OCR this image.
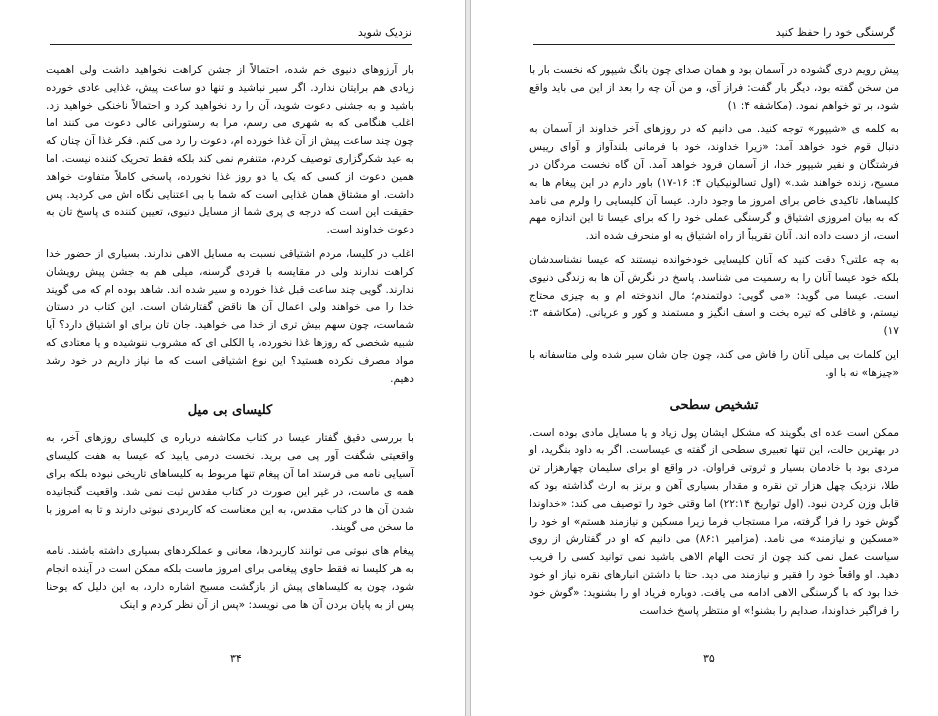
نزدیک شوید

بار آرزوهای دنیوی خم شده، احتمالاً از جشن کراهت نخواهید داشت ولی اهمیت زیادی هم برایتان ندارد. اگر سیر نباشید و تنها دو ساعت پیش، غذایی عادی خورده باشید و به جشنی دعوت شوید، آن را رد نخواهید کرد و احتمالاً ناخنکی خواهید زد. اغلب هنگامی که به شهری می رسم، مرا به رستورانی عالی دعوت می کنند اما چون چند ساعت پیش از آن غذا خورده ام، دعوت را رد می کنم. فکر غذا آن چنان که به عید شکرگزاری توصیف کردم، متنفرم نمی کند بلکه فقط تحریک کننده نیست. اما همین دعوت از کسی که یک یا دو روز غذا نخورده، پاسخی کاملاً متفاوت خواهد داشت. او مشتاق همان غذایی است که شما با بی اعتنایی نگاه اش می کردید. پس حقیقت این است که درجه ی پری شما از مسایل دنیوی، تعیین کننده ی پاسخ تان به دعوت خداوند است.

اغلب در کلیسا، مردم اشتیاقی نسبت به مسایل الاهی ندارند. بسیاری از حضور خدا کراهت ندارند ولی در مقایسه با فردی گرسنه، میلی هم به جشن پیش رویشان ندارند. گویی چند ساعت قبل غذا خورده و سیر شده اند. شاهد بوده ام که می گویند خدا را می خواهند ولی اعمال آن ها ناقض گفتارشان است. این کتاب در دستان شماست، چون سهم بیش تری از خدا می خواهید. جان تان برای او اشتیاق دارد؟ آیا شبیه شخصی که روزها غذا نخورده، یا الکلی ای که مشروب ننوشیده و یا معتادی که مواد مصرف نکرده هستید؟ این نوع اشتیاقی است که ما نیاز داریم در خود رشد دهیم.

کلیسای بی میل

با بررسی دقیق گفتار عیسا در کتاب مکاشفه درباره ی کلیسای روزهای آخر، به واقعیتی شگفت آور پی می برید. نخست درمی یابید که عیسا به هفت کلیسای آسیایی نامه می فرستد اما آن پیغام تنها مربوط به کلیساهای تاریخی نبوده بلکه برای همه ی ماست، در غیر این صورت در کتاب مقدس ثبت نمی شد. واقعیت گنجانیده شدن آن ها در کتاب مقدس، به این معناست که کاربردی نبوتی دارند و تا به امروز با ما سخن می گویند.

پیغام های نبوتی می توانند کاربردها، معانی و عملکردهای بسیاری داشته باشند. نامه به هر کلیسا نه فقط حاوی پیغامی برای امروز ماست بلکه ممکن است در آینده انجام شود، چون به کلیساهای پیش از بازگشت مسیح اشاره دارد، به این دلیل که یوحنا پس از به پایان بردن آن ها می نویسد: «پس از آن نظر کردم و اینک

۳۴
گرسنگی خود را حفظ کنید

پیش رویم دری گشوده در آسمان بود و همان صدای چون بانگ شیپور که نخست بار با من سخن گفته بود، دیگر بار گفت: فراز آی، و من آن چه را بعد از این می باید واقع شود، بر تو خواهم نمود. (مکاشفه ۴: ۱)

به کلمه ی «شیپور» توجه کنید. می دانیم که در روزهای آخر خداوند از آسمان به دنبال قوم خود خواهد آمد: «زیرا خداوند، خود با فرمانی بلندآواز و آوای رییس فرشتگان و نفیر شیپور خدا، از آسمان فرود خواهد آمد. آن گاه نخست مردگان در مسیح، زنده خواهند شد.» (اول تسالونیکیان ۴: ۱۶-۱۷) باور دارم در این پیغام ها به کلیساها، تاکیدی خاص برای امروز ما وجود دارد. عیسا آن کلیسایی را ولرم می نامد که به بیان امروزی اشتیاق و گرسنگی عملی خود را که برای عیسا تا این اندازه مهم است، از دست داده اند. آنان تقریباً از راه اشتیاق به او منحرف شده اند.

به چه علتی؟ دقت کنید که آنان کلیسایی خودخوانده نیستند که عیسا نشناسدشان بلکه خود عیسا آنان را به رسمیت می شناسد. پاسخ در نگرش آن ها به زندگی دنیوی است. عیسا می گوید: «می گویی: دولتمندم؛ مال اندوخته ام و به چیزی محتاج نیستم، و غافلی که تیره بخت و اسف انگیز و مستمند و کور و عریانی. (مکاشفه ۳: ۱۷)

این کلمات بی میلی آنان را فاش می کند، چون جان شان سیر شده ولی متاسفانه با «چیزها» نه با او.

تشخیص سطحی

ممکن است عده ای بگویند که مشکل ایشان پول زیاد و یا مسایل مادی بوده است. در بهترین حالت، این تنها تعبیری سطحی از گفته ی عیساست. اگر به داود بنگرید، او مردی بود با خادمان بسیار و ثروتی فراوان. در واقع او برای سلیمان چهارهزار تن طلا، نزدیک چهل هزار تن نقره و مقدار بسیاری آهن و برنز به ارث گذاشته بود که قابل وزن کردن نبود. (اول تواریخ ۲۲:۱۴) اما وقتی خود را توصیف می کند: «خداوندا گوش خود را فرا گرفته، مرا مستجاب فرما زیرا مسکین و نیازمند هستم» او خود را «مسکین و نیازمند» می نامد. (مزامیر ۸۶:۱) می دانیم که او در گفتارش از روی سیاست عمل نمی کند چون از تحت الهام الاهی باشید نمی توانید کسی را فریب دهید. او واقعاً خود را فقیر و نیازمند می دید. حتا با داشتن انبارهای نقره نیاز او خود خدا بود که با گرسنگی الاهی ادامه می یافت. دوباره فریاد او را بشنوید: «گوش خود را فراگیر خداوندا، صدایم را بشنو!» او منتظر پاسخ خداست

۳۵
